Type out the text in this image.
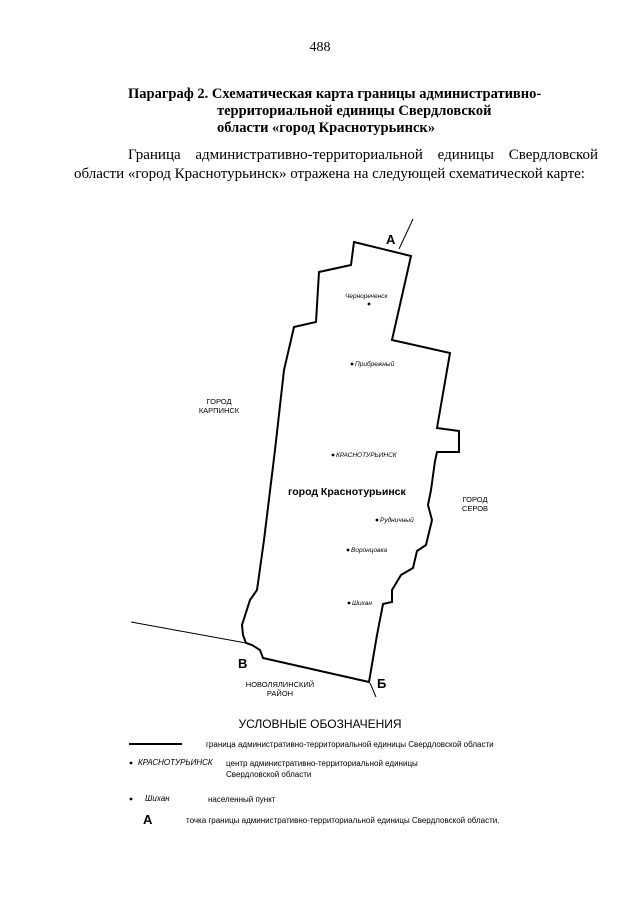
488
Параграф 2. Схематическая карта границы административно-
территориальной единицы Свердловской
области «город Краснотурьинск»
Граница административно-территориальной единицы Свердловской области «город Краснотурьинск» отражена на следующей схематической карте:
А
Б
В
ГОРОД
КАРПИНСК
ГОРОД
СЕРОВ
НОВОЛЯЛИНСКИЙ
РАЙОН
город Краснотурьинск
Чернореченск
Прибрежный
КРАСНОТУРЬИНСК
Рудничный
Воронцовка
Шихан
УСЛОВНЫЕ ОБОЗНАЧЕНИЯ
граница административно-территориальной единицы Свердловской области
КРАСНОТУРЬИНСК центр административно-территориальной единицы
Свердловской области
Шихан	населенный пункт
А	точка границы административно-территориальной единицы Свердловской области.
